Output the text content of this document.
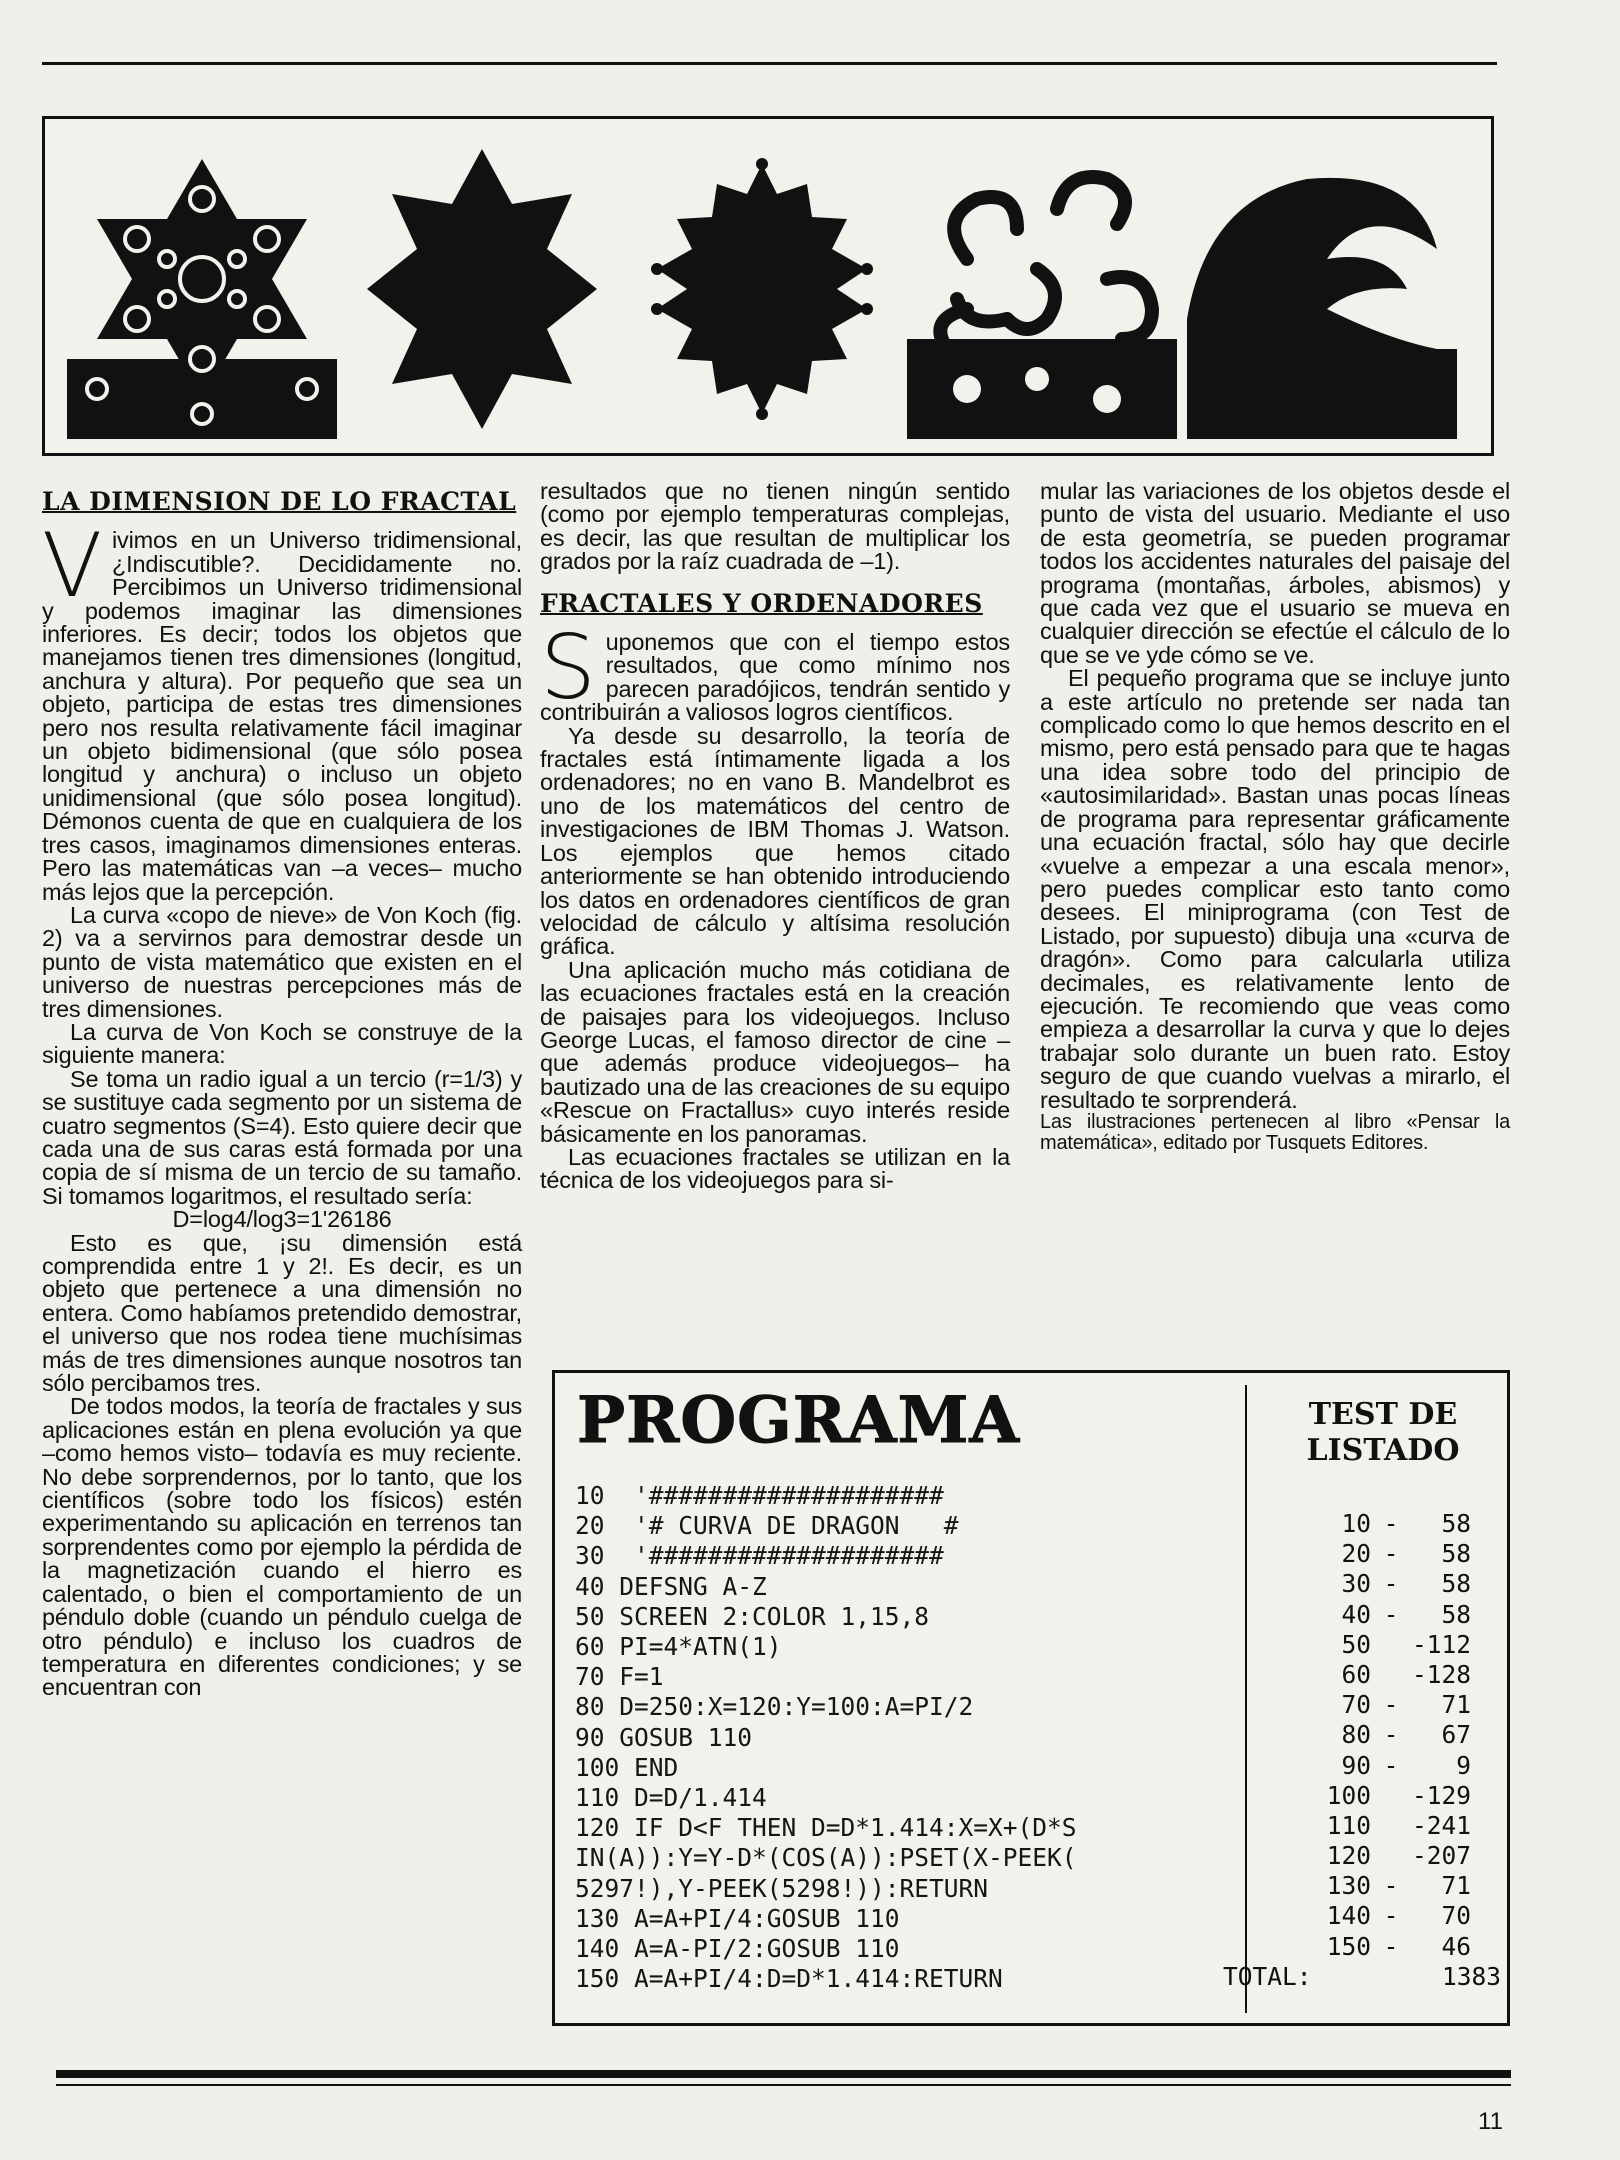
LA DIMENSION DE LO FRACTAL

Vivimos en un Universo tridimensional, ¿Indiscutible?. Decididamente no. Percibimos un Universo tridimensional y podemos imaginar las dimensiones inferiores. Es decir; todos los objetos que manejamos tienen tres dimensiones (longitud, anchura y altura). Por pequeño que sea un objeto, participa de estas tres dimensiones pero nos resulta relativamente fácil imaginar un objeto bidimensional (que sólo posea longitud y anchura) o incluso un objeto unidimensional (que sólo posea longitud). Démonos cuenta de que en cualquiera de los tres casos, imaginamos dimensiones enteras. Pero las matemáticas van –a veces– mucho más lejos que la percepción.

La curva «copo de nieve» de Von Koch (fig. 2) va a servirnos para demostrar desde un punto de vista matemático que existen en el universo de nuestras percepciones más de tres dimensiones.

La curva de Von Koch se construye de la siguiente manera:

Se toma un radio igual a un tercio (r=1/3) y se sustituye cada segmento por un sistema de cuatro segmentos (S=4). Esto quiere decir que cada una de sus caras está formada por una copia de sí misma de un tercio de su tamaño. Si tomamos logaritmos, el resultado sería:

D=log4/log3=1'26186

Esto es que, ¡su dimensión está comprendida entre 1 y 2!. Es decir, es un objeto que pertenece a una dimensión no entera. Como habíamos pretendido demostrar, el universo que nos rodea tiene muchísimas más de tres dimensiones aunque nosotros tan sólo percibamos tres.

De todos modos, la teoría de fractales y sus aplicaciones están en plena evolución ya que –como hemos visto– todavía es muy reciente. No debe sorprendernos, por lo tanto, que los científicos (sobre todo los físicos) estén experimentando su aplicación en terrenos tan sorprendentes como por ejemplo la pérdida de la magnetización cuando el hierro es calentado, o bien el comportamiento de un péndulo doble (cuando un péndulo cuelga de otro péndulo) e incluso los cuadros de temperatura en diferentes condiciones; y se encuentran con

resultados que no tienen ningún sentido (como por ejemplo temperaturas complejas, es decir, las que resultan de multiplicar los grados por la raíz cuadrada de –1).

FRACTALES Y ORDENADORES

Suponemos que con el tiempo estos resultados, que como mínimo nos parecen paradójicos, tendrán sentido y contribuirán a valiosos logros científicos.

Ya desde su desarrollo, la teoría de fractales está íntimamente ligada a los ordenadores; no en vano B. Mandelbrot es uno de los matemáticos del centro de investigaciones de IBM Thomas J. Watson. Los ejemplos que hemos citado anteriormente se han obtenido introduciendo los datos en ordenadores científicos de gran velocidad de cálculo y altísima resolución gráfica.

Una aplicación mucho más cotidiana de las ecuaciones fractales está en la creación de paisajes para los videojuegos. Incluso George Lucas, el famoso director de cine –que además produce videojuegos– ha bautizado una de las creaciones de su equipo «Rescue on Fractallus» cuyo interés reside básicamente en los panoramas.

Las ecuaciones fractales se utilizan en la técnica de los videojuegos para si-

mular las variaciones de los objetos desde el punto de vista del usuario. Mediante el uso de esta geometría, se pueden programar todos los accidentes naturales del paisaje del programa (montañas, árboles, abismos) y que cada vez que el usuario se mueva en cualquier dirección se efectúe el cálculo de lo que se ve yde cómo se ve.

El pequeño programa que se incluye junto a este artículo no pretende ser nada tan complicado como lo que hemos descrito en el mismo, pero está pensado para que te hagas una idea sobre todo del principio de «autosimilaridad». Bastan unas pocas líneas de programa para representar gráficamente una ecuación fractal, sólo hay que decirle «vuelve a empezar a una escala menor», pero puedes complicar esto tanto como desees. El miniprograma (con Test de Listado, por supuesto) dibuja una «curva de dragón». Como para calcularla utiliza decimales, es relativamente lento de ejecución. Te recomiendo que veas como empieza a desarrollar la curva y que lo dejes trabajar solo durante un buen rato. Estoy seguro de que cuando vuelvas a mirarlo, el resultado te sorprenderá.

Las ilustraciones pertenecen al libro «Pensar la matemática», editado por Tusquets Editores.

PROGRAMA	TEST DE
LISTADO
10  '####################
20  '# CURVA DE DRAGON   #
30  '####################
40 DEFSNG A-Z
50 SCREEN 2:COLOR 1,15,8
60 PI=4*ATN(1)
70 F=1
80 D=250:X=120:Y=100:A=PI/2
90 GOSUB 110
100 END
110 D=D/1.414
120 IF D<F THEN D=D*1.414:X=X+(D*S
IN(A)):Y=Y-D*(COS(A)):PSET(X-PEEK(
5297!),Y-PEEK(5298!)):RETURN
130 A=A+PI/4:GOSUB 110
140 A=A-PI/2:GOSUB 110
150 A=A+PI/4:D=D*1.414:RETURN
10 -	58
20 -	58
30 -	58
40 -	58
50 -112
60 -128
70 -	71
80 -	67
90 -	9
100 -129
110 -241
120 -207
130 -	71
140 -	70
150 -	46
TOTAL:	1383
11
